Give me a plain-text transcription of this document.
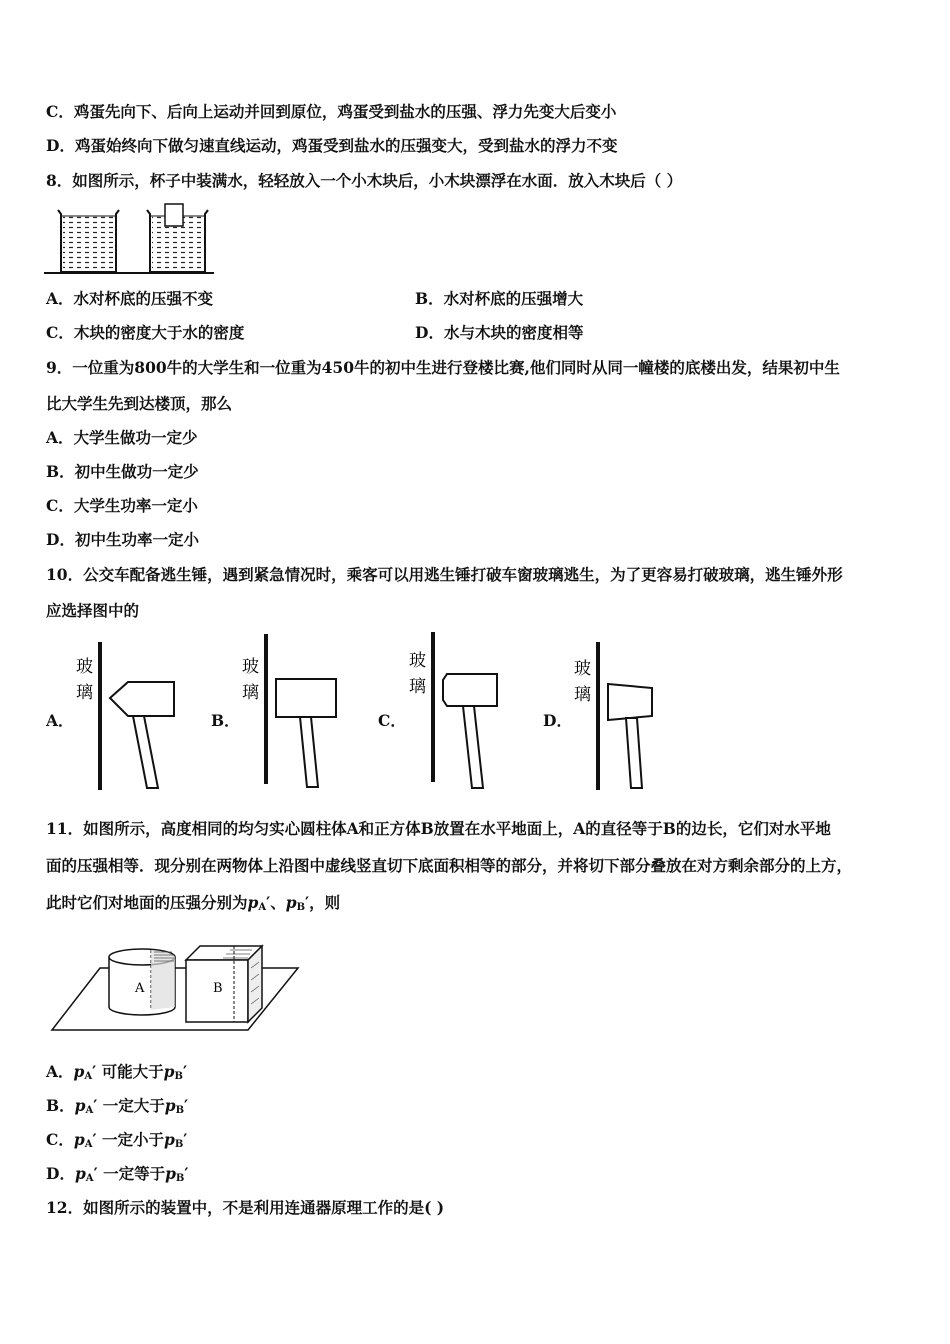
C．鸡蛋先向下、后向上运动并回到原位，鸡蛋受到盐水的压强、浮力先变大后变小
D．鸡蛋始终向下做匀速直线运动，鸡蛋受到盐水的压强变大，受到盐水的浮力不变
8．如图所示，杯子中装满水，轻轻放入一个小木块后，小木块漂浮在水面．放入木块后（ ）
A．水对杯底的压强不变	B．水对杯底的压强增大
C．木块的密度大于水的密度	D．水与木块的密度相等
9．一位重为800牛的大学生和一位重为450牛的初中生进行登楼比赛,他们同时从同一幢楼的底楼出发，结果初中生
比大学生先到达楼顶，那么
A．大学生做功一定少
B．初中生做功一定少
C．大学生功率一定小
D．初中生功率一定小
10．公交车配备逃生锤，遇到紧急情况时，乘客可以用逃生锤打破车窗玻璃逃生，为了更容易打破玻璃，逃生锤外形
应选择图中的
A．
玻
璃
B．
玻
璃
C．
玻
璃
D．
玻
璃
11．如图所示，高度相同的均匀实心圆柱体A和正方体B放置在水平地面上，A的直径等于B的边长，它们对水平地
面的压强相等．现分别在两物体上沿图中虚线竖直切下底面积相等的部分，并将切下部分叠放在对方剩余部分的上方，
此时它们对地面的压强分别为$p_A'$、$p_B'$，则
A	B
A．$p_A'$ 可能大于$p_B'$
B．$p_A'$ 一定大于$p_B'$
C．$p_A'$ 一定小于$p_B'$
D．$p_A'$ 一定等于$p_B'$
12．如图所示的装置中，不是利用连通器原理工作的是( )
